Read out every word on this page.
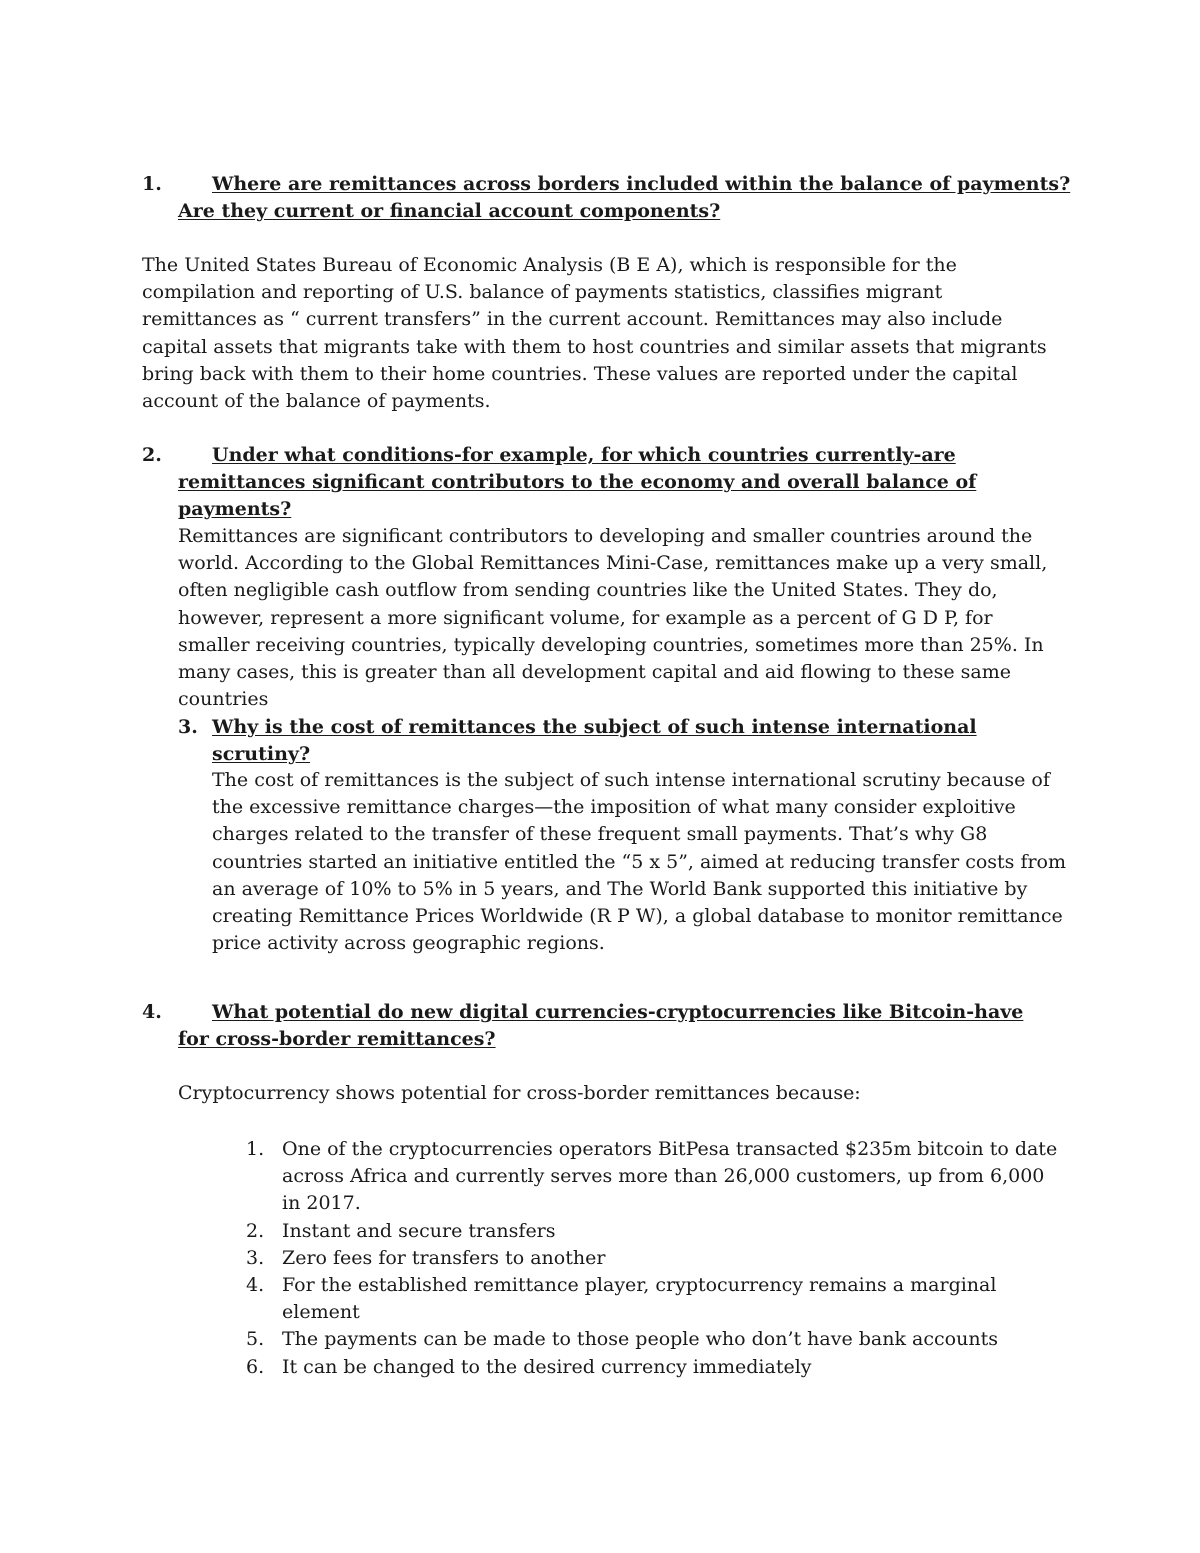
1.	Where are remittances across borders included within the balance of payments? Are they current or financial account components?

The United States Bureau of Economic Analysis (B E A), which is responsible for the compilation and reporting of U.S. balance of payments statistics, classifies migrant remittances as “ current transfers” in the current account. Remittances may also include capital assets that migrants take with them to host countries and similar assets that migrants bring back with them to their home countries. These values are reported under the capital account of the balance of payments.

2.	Under what conditions-for example, for which countries currently-are remittances significant contributors to the economy and overall balance of payments?

Remittances are significant contributors to developing and smaller countries around the world. According to the Global Remittances Mini-Case, remittances make up a very small, often negligible cash outflow from sending countries like the United States. They do, however, represent a more significant volume, for example as a percent of G D P, for smaller receiving countries, typically developing countries, sometimes more than 25%. In many cases, this is greater than all development capital and aid flowing to these same countries

3. Why is the cost of remittances the subject of such intense international scrutiny?

The cost of remittances is the subject of such intense international scrutiny because of the excessive remittance charges—the imposition of what many consider exploitive charges related to the transfer of these frequent small payments. That’s why G8 countries started an initiative entitled the “5 x 5”, aimed at reducing transfer costs from an average of 10% to 5% in 5 years, and The World Bank supported this initiative by creating Remittance Prices Worldwide (R P W), a global database to monitor remittance price activity across geographic regions.

4.	What potential do new digital currencies-cryptocurrencies like Bitcoin-have for cross-border remittances?

Cryptocurrency shows potential for cross-border remittances because:

1. One of the cryptocurrencies operators BitPesa transacted $235m bitcoin to date across Africa and currently serves more than 26,000 customers, up from 6,000 in 2017.
2. Instant and secure transfers
3. Zero fees for transfers to another
4. For the established remittance player, cryptocurrency remains a marginal element
5. The payments can be made to those people who don’t have bank accounts
6. It can be changed to the desired currency immediately
